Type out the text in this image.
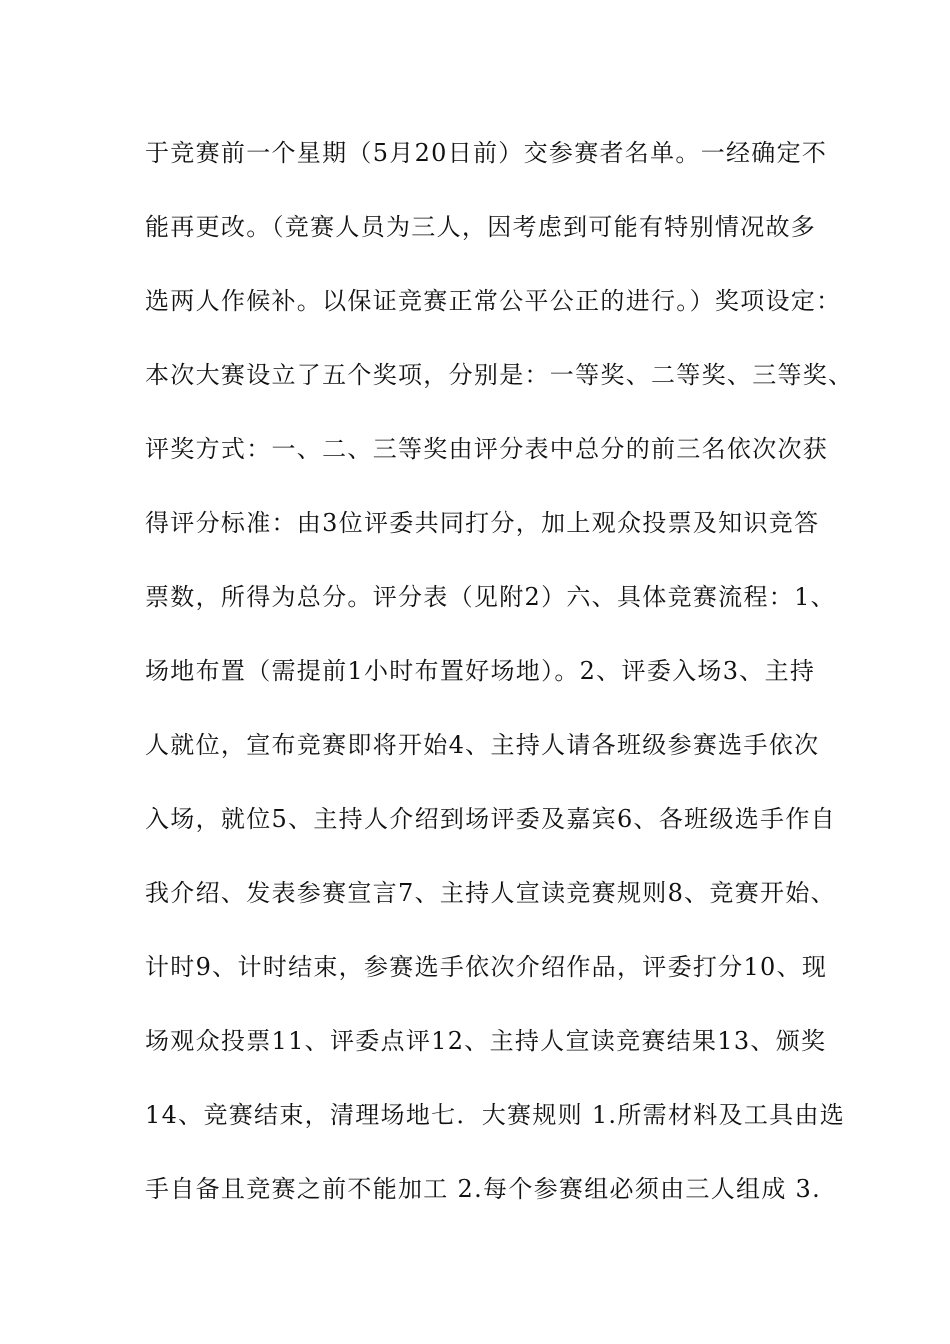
于竞赛前一个星期（5月20日前）交参赛者名单。一经确定不
能再更改。（竞赛人员为三人，因考虑到可能有特别情况故多
选两人作候补。以保证竞赛正常公平公正的进行。）奖项设定：
本次大赛设立了五个奖项，分别是：一等奖、二等奖、三等奖、
评奖方式：一、二、三等奖由评分表中总分的前三名依次次获
得评分标准：由3位评委共同打分，加上观众投票及知识竞答
票数，所得为总分。评分表（见附2）六、具体竞赛流程：1、
场地布置（需提前1小时布置好场地）。2、评委入场3、主持
人就位，宣布竞赛即将开始4、主持人请各班级参赛选手依次
入场，就位5、主持人介绍到场评委及嘉宾6、各班级选手作自
我介绍、发表参赛宣言7、主持人宣读竞赛规则8、竞赛开始、
计时9、计时结束，参赛选手依次介绍作品，评委打分10、现
场观众投票11、评委点评12、主持人宣读竞赛结果13、颁奖
14、竞赛结束，清理场地七．大赛规则 1.所需材料及工具由选
手自备且竞赛之前不能加工 2.每个参赛组必须由三人组成 3.
